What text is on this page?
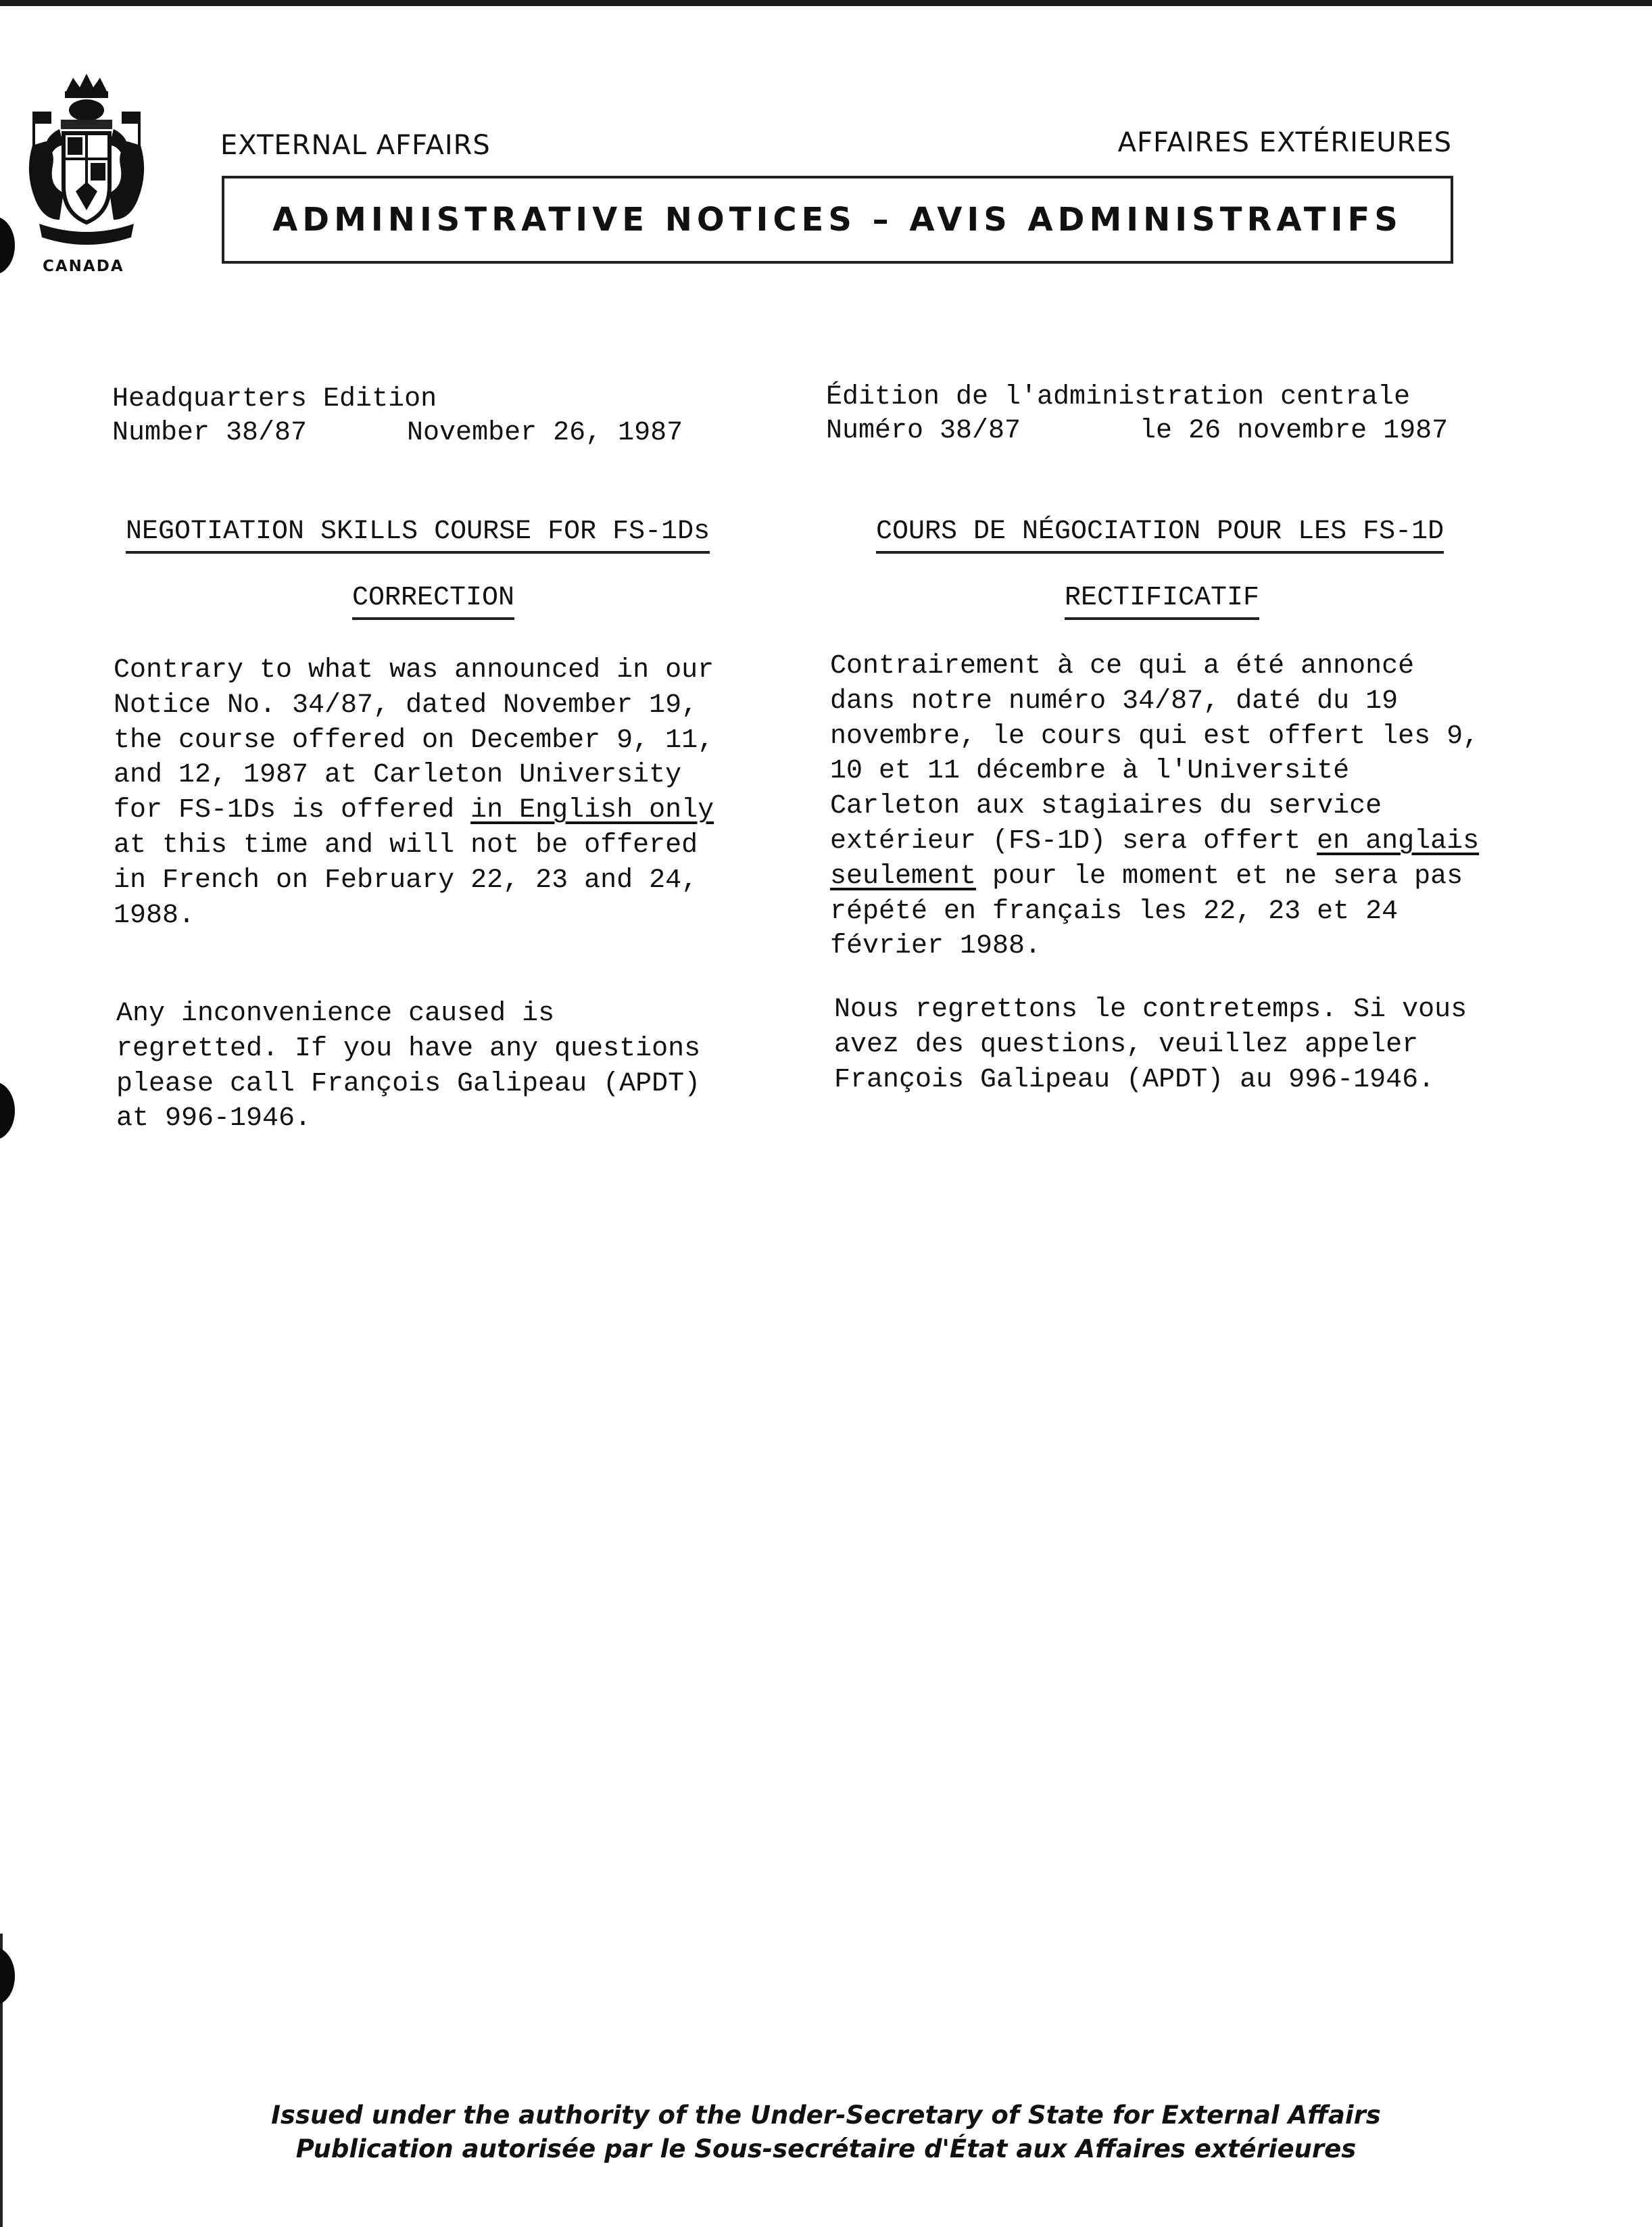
CANADA
EXTERNAL AFFAIRS	AFFAIRES EXTÉRIEURES
ADMINISTRATIVE NOTICES – AVIS ADMINISTRATIFS
Headquarters Edition
Number 38/87	November 26, 1987
Édition de l'administration centrale
Numéro 38/87	le 26 novembre 1987
NEGOTIATION SKILLS COURSE FOR FS-1Ds	COURS DE NÉGOCIATION POUR LES FS-1D
CORRECTION	RECTIFICATIF
Contrary to what was announced in our
Notice No. 34/87, dated November 19,
the course offered on December 9, 11,
and 12, 1987 at Carleton University
for FS-1Ds is offered in English only
at this time and will not be offered
in French on February 22, 23 and 24,
1988.
Any inconvenience caused is
regretted. If you have any questions
please call François Galipeau (APDT)
at 996-1946.
Contrairement à ce qui a été annoncé
dans notre numéro 34/87, daté du 19
novembre, le cours qui est offert les 9,
10 et 11 décembre à l'Université
Carleton aux stagiaires du service
extérieur (FS-1D) sera offert en anglais
seulement pour le moment et ne sera pas
répété en français les 22, 23 et 24
février 1988.
Nous regrettons le contretemps. Si vous
avez des questions, veuillez appeler
François Galipeau (APDT) au 996-1946.
Issued under the authority of the Under-Secretary of State for External Affairs
Publication autorisée par le Sous-secrétaire d'État aux Affaires extérieures
